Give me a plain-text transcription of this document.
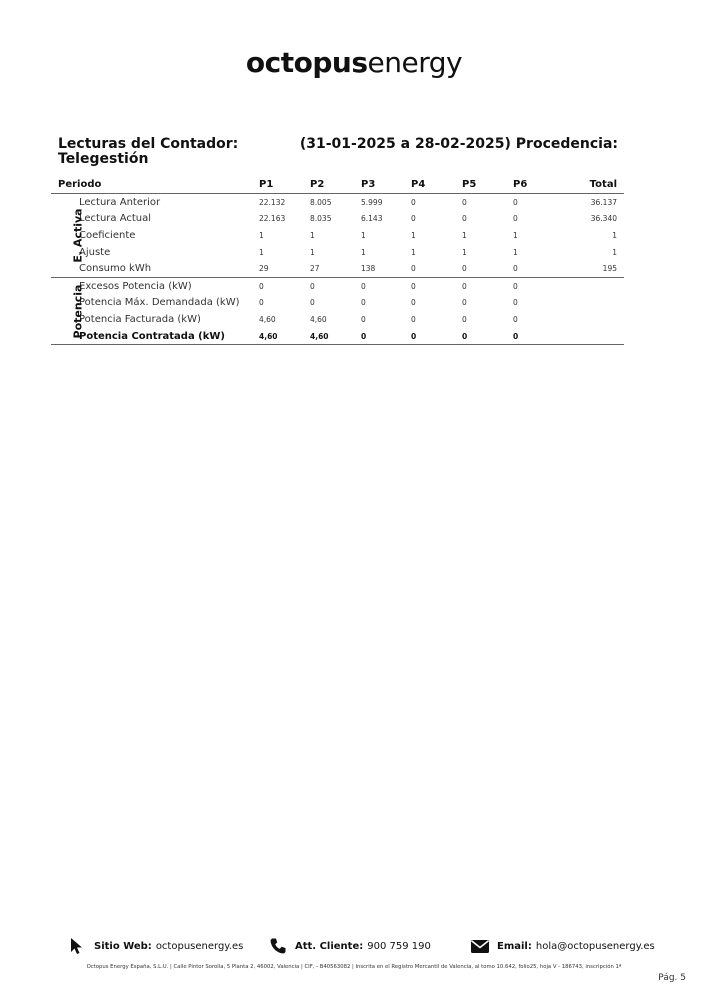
octopusenergy
Lecturas del Contador: Telegestión
(31-01-2025 a 28-02-2025) Procedencia:
Periodo		P1	P2	P3	P4	P5	P6	Total
E. Activa	Lectura Anterior	22.132	8.005	5.999	0	0	0	36.137
	Lectura Actual	22.163	8.035	6.143	0	0	0	36.340
	Coeficiente	1	1	1	1	1	1	1
	Ajuste	1	1	1	1	1	1	1
	Consumo kWh	29	27	138	0	0	0	195
Potencia	Excesos Potencia (kW)	0	0	0	0	0	0	
	Potencia Máx. Demandada (kW)	0	0	0	0	0	0	
	Potencia Facturada (kW)	4,60	4,60	0	0	0	0	
	Potencia Contratada (kW)	4,60	4,60	0	0	0	0	
Sitio Web: octopusenergy.es	Att. Cliente: 900 759 190	Email: hola@octopusenergy.es
Octopus Energy España, S.L.U. | Calle Pintor Sorolla, 5 Planta 2, 46002, Valencia | CIF, - B40563082 | Inscrita en el Registro Mercantil de Valencia, al tomo 10.642, folio25, hoja V - 186743, inscripción 1ª
Pág. 5
